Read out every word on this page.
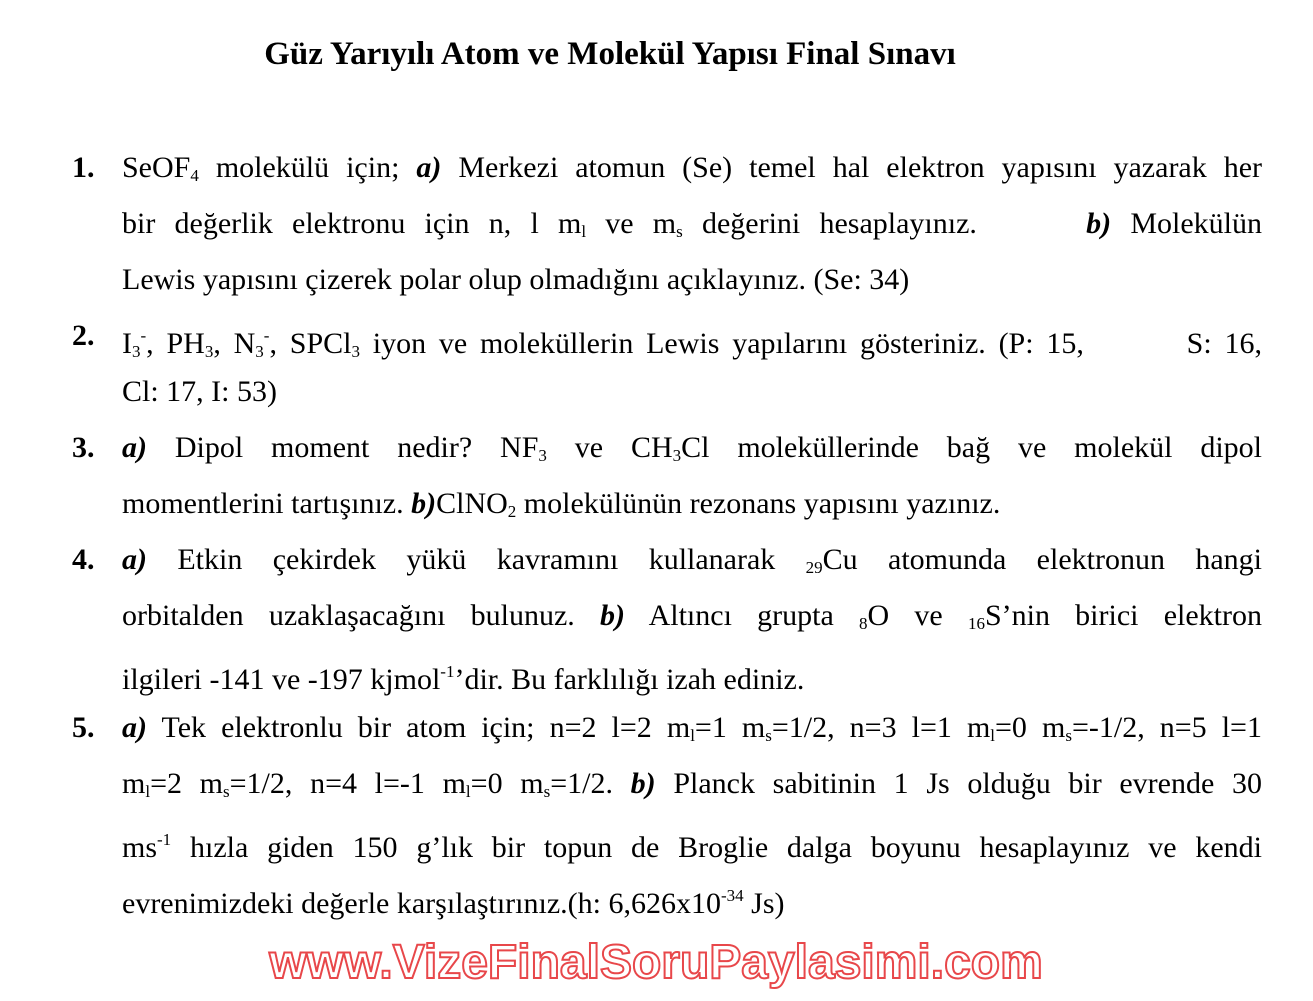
Güz Yarıyılı Atom ve Molekül Yapısı Final Sınavı
1. SeOF$_4$ molekülü için; a) Merkezi atomun (Se) temel hal elektron yapısını yazarak her
bir değerlik elektronu için n, l $m_l$ ve $m_s$ değerini hesaplayınız.	b) Molekülün
Lewis yapısını çizerek polar olup olmadığını açıklayınız. (Se: 34)
2. $I_3^-$, $PH_3$, $N_3^-$, SPCl$_3$ iyon ve moleküllerin Lewis yapılarını gösteriniz. (P: 15,	S: 16,
Cl: 17, I: 53)
3. a) Dipol moment nedir? $NF_3$ ve $CH_3Cl$ moleküllerinde bağ ve molekül dipol
momentlerini tartışınız. b)ClNO$_2$ molekülünün rezonans yapısını yazınız.
4. a) Etkin çekirdek yükü kavramını kullanarak $_{29}$Cu atomunda elektronun hangi
orbitalden uzaklaşacağını bulunuz. b) Altıncı grupta $_8$O ve $_{16}$S’nin birici elektron
ilgileri -141 ve -197 kjmol$^{-1}$’dir. Bu farklılığı izah ediniz.
5. a) Tek elektronlu bir atom için; n=2 l=2 $m_l=1$ $m_s=1/2$, n=3 l=1 $m_l=0$ $m_s=-1/2$, n=5 l=1
$m_l=2$ $m_s=1/2$, n=4 l=-1 $m_l=0$ $m_s=1/2$. b) Planck sabitinin 1 Js olduğu bir evrende 30
$ms^{-1}$ hızla giden 150 g’lık bir topun de Broglie dalga boyunu hesaplayınız ve kendi
evrenimizdeki değerle karşılaştırınız.(h: $6,626x10^{-34}$ Js)
www.VizeFinalSoruPaylasimi.com
